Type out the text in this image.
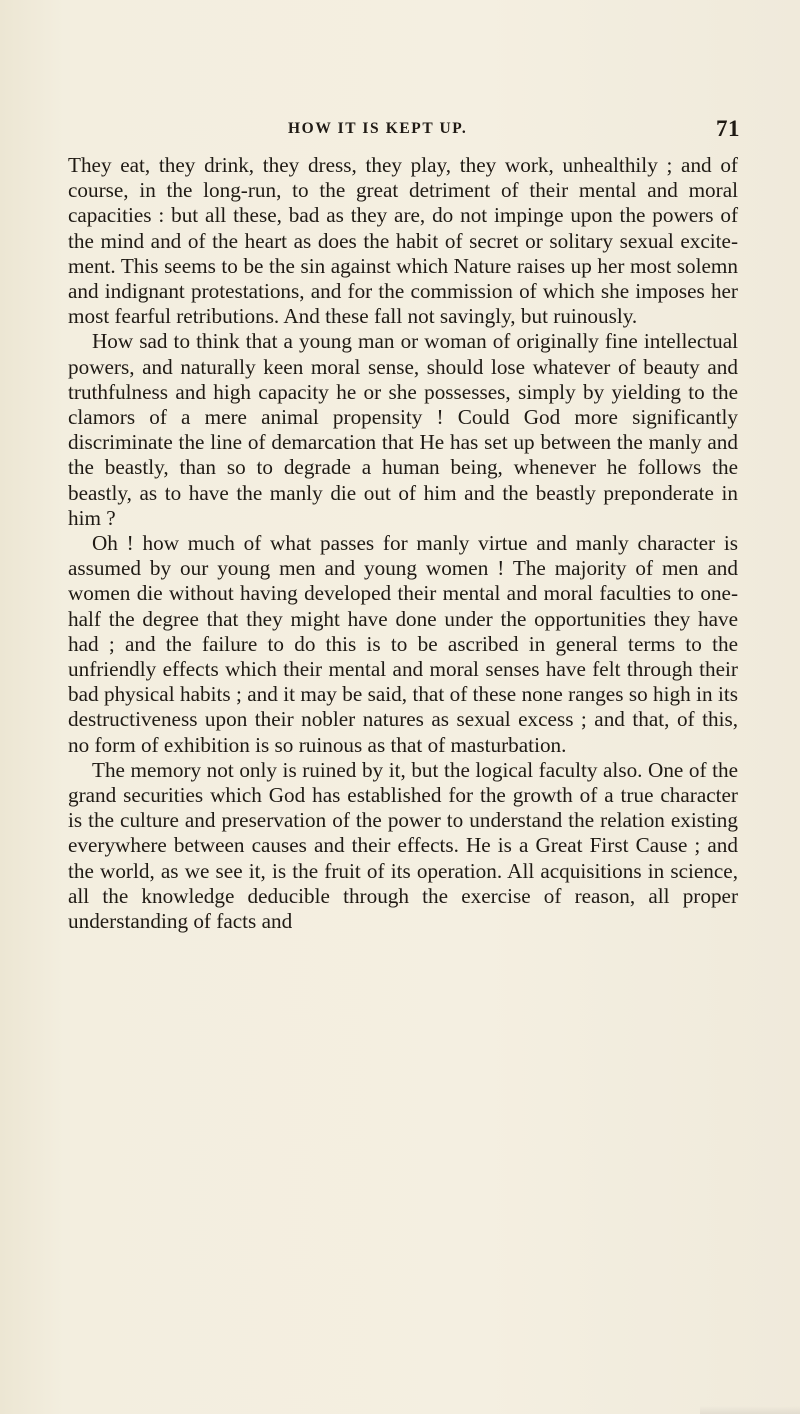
HOW IT IS KEPT UP.	71

They eat, they drink, they dress, they play, they work, unhealthily ; and of course, in the long-run, to the great detriment of their mental and moral capacities : but all these, bad as they are, do not impinge upon the powers of the mind and of the heart as does the habit of secret or solitary sexual excitement. This seems to be the sin against which Nature raises up her most solemn and indignant protestations, and for the commission of which she imposes her most fearful retributions. And these fall not savingly, but ruinously.

How sad to think that a young man or woman of originally fine intellectual powers, and naturally keen moral sense, should lose whatever of beauty and truthfulness and high capacity he or she possesses, simply by yielding to the clamors of a mere animal propensity ! Could God more significantly discriminate the line of demarcation that He has set up between the manly and the beastly, than so to degrade a human being, whenever he follows the beastly, as to have the manly die out of him and the beastly preponderate in him ?

Oh ! how much of what passes for manly virtue and manly character is assumed by our young men and young women ! The majority of men and women die without having developed their mental and moral faculties to one-half the degree that they might have done under the opportunities they have had ; and the failure to do this is to be ascribed in general terms to the unfriendly effects which their mental and moral senses have felt through their bad physical habits ; and it may be said, that of these none ranges so high in its destructiveness upon their nobler natures as sexual excess ; and that, of this, no form of exhibition is so ruinous as that of masturbation.

The memory not only is ruined by it, but the logical faculty also. One of the grand securities which God has established for the growth of a true character is the culture and preservation of the power to understand the relation existing everywhere between causes and their effects. He is a Great First Cause ; and the world, as we see it, is the fruit of its operation. All acquisitions in science, all the knowledge deducible through the exercise of reason, all proper understanding of facts and
